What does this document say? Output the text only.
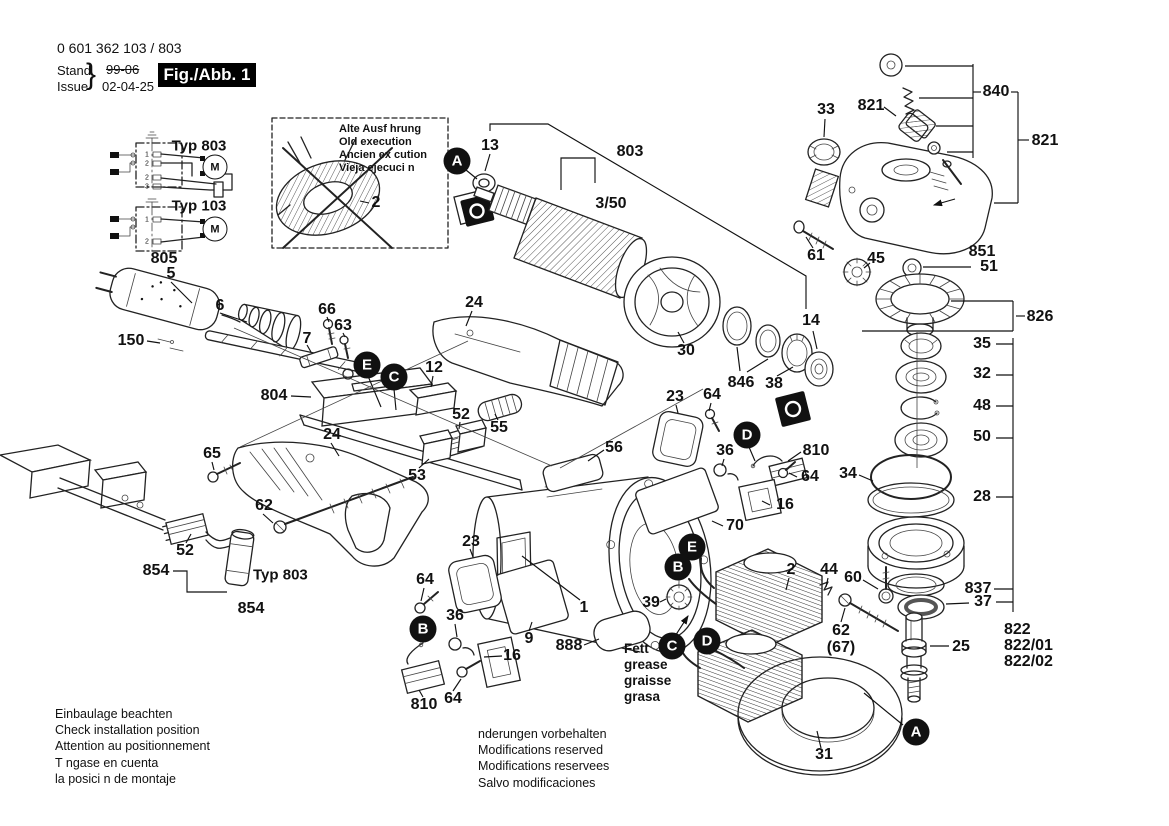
0 601 362 103 / 803
Stand
Issue
} 99-06
02-04-25
Fig./Abb. 1
Alte Ausf hrung
Old execution
Ancien ex cution
Vieja ejecuci n
Einbaulage beachten
Check installation position
Attention au positionnement
T ngase en cuenta
la posici n de montaje
nderungen vorbehalten
Modifications reserved
Modifications reservees
Salvo modificaciones
Fett
grease
graisse
grasa
Typ 803
Typ 103
M
M
1
2
2
3
1
2
2
13	803
3/50
A
33 821
840
821
61	45	851
51
826
35
32
48
50
28
34
14
846 38
30
805
5
6
150
66
63
7
804
E
C
12
24
52
55
53
24
65
62
52
854	Typ 803
854
23
64
B
36
16
810 64
9 888
1
56
39
23 64
D
36	810
64
16
70
E
B
C	D
2 44 60
62
(67)	25
837
37
822
822/01
822/02
31
A
